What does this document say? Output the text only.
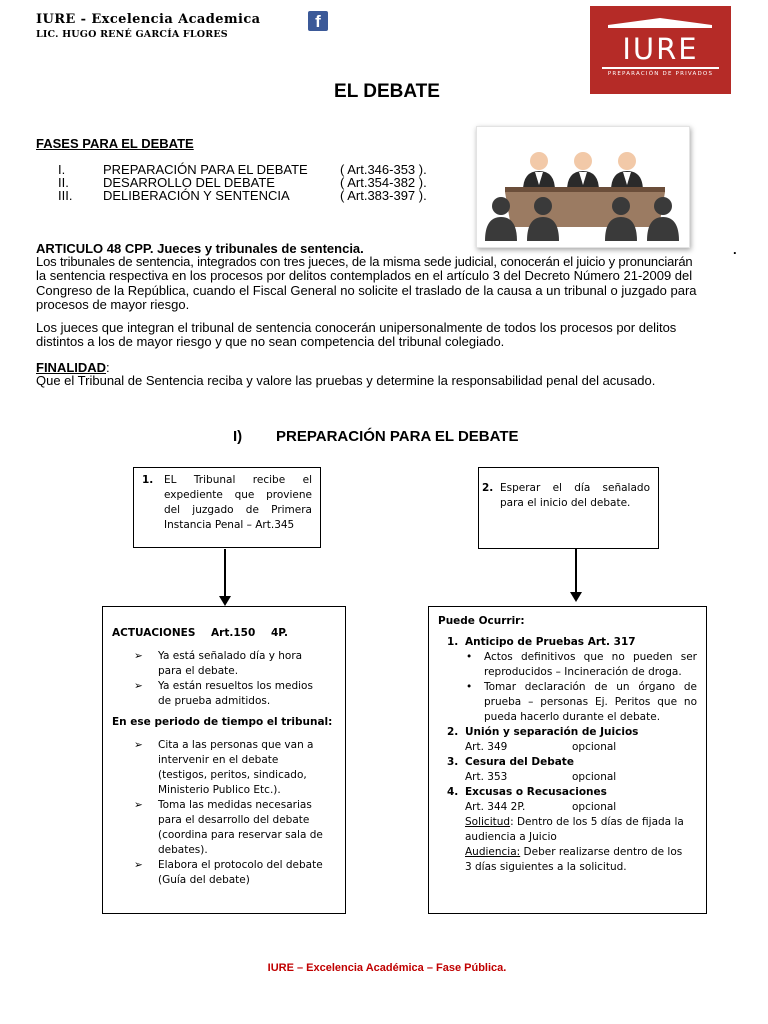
IURE - Excelencia Academica	f
LIC. HUGO RENÉ GARCÍA FLORES	IURE
PREPARACIÓN DE PRIVADOS
EL DEBATE
FASES PARA EL DEBATE
I.	PREPARACIÓN PARA EL DEBATE ( Art.346-353 ).
II.	DESARROLLO DEL DEBATE	( Art.354-382 ).
III. DELIBERACIÓN Y SENTENCIA	( Art.383-397 ).
ARTICULO 48 CPP. Jueces y tribunales de sentencia.	.
Los tribunales de sentencia, integrados con tres jueces, de la misma sede judicial, conocerán el juicio y pronunciarán
la sentencia respectiva en los procesos por delitos contemplados en el artículo 3 del Decreto Número 21-2009 del
Congreso de la República, cuando el Fiscal General no solicite el traslado de la causa a un tribunal o juzgado para
procesos de mayor riesgo.
Los jueces que integran el tribunal de sentencia conocerán unipersonalmente de todos los procesos por delitos
distintos a los de mayor riesgo y que no sean competencia del tribunal colegiado.
FINALIDAD:
Que el Tribunal de Sentencia reciba y valore las pruebas y determine la responsabilidad penal del acusado.
I) PREPARACIÓN PARA EL DEBATE
1.	EL Tribunal recibe el
expediente que proviene
del juzgado de Primera
Instancia Penal – Art.345
2. Esperar el día señalado
para el inicio del debate.
ACTUACIONES Art.150 4P.
➢	Ya está señalado día y hora
para el debate.
➢	Ya están resueltos los medios
de prueba admitidos.
En ese periodo de tiempo el tribunal:
➢	Cita a las personas que van a
intervenir en el debate
(testigos, peritos, sindicado,
Ministerio Publico Etc.).
➢	Toma las medidas necesarias
para el desarrollo del debate
(coordina para reservar sala de
debates).
➢	Elabora el protocolo del debate
(Guía del debate)
Puede Ocurrir:
1. Anticipo de Pruebas Art. 317
•	Actos definitivos que no pueden ser
reproducidos – Incineración de droga.
•	Tomar declaración de un órgano de
prueba – personas Ej. Peritos que no
pueda hacerlo durante el debate.
2. Unión y separación de Juicios
Art. 349	opcional
3. Cesura del Debate
Art. 353	opcional
4. Excusas o Recusaciones
Art. 344 2P.	opcional
Solicitud: Dentro de los 5 días de fijada la
audiencia a Juicio
Audiencia: Deber realizarse dentro de los
3 días siguientes a la solicitud.
IURE – Excelencia Académica – Fase Pública.
